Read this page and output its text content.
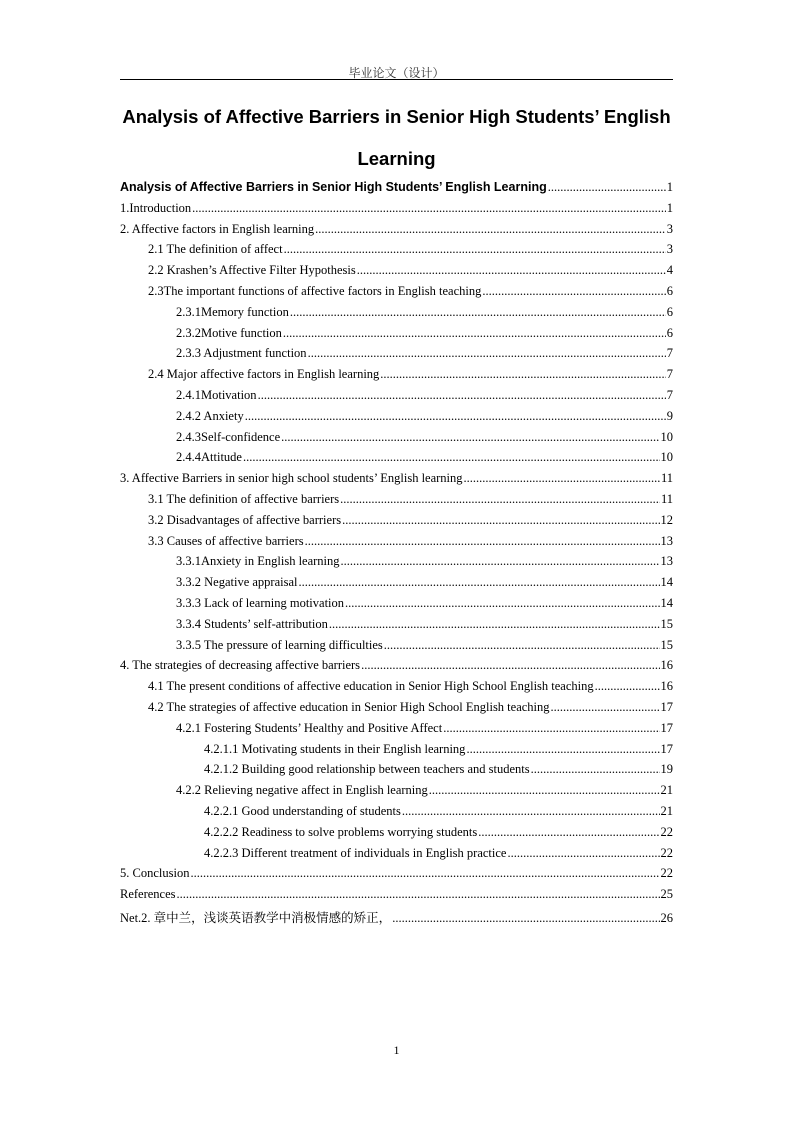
毕业论文（设计）
Analysis of Affective Barriers in Senior High Students’ English
Learning
Analysis of Affective Barriers in Senior High Students’ English Learning .....	1
1.Introduction .....	1
2. Affective factors in English learning .....	3
2.1 The definition of affect .....	3
2.2 Krashen’s Affective Filter Hypothesis .....	4
2.3The important functions of affective factors in English teaching .....	6
2.3.1Memory function .....	6
2.3.2Motive function .....	6
2.3.3 Adjustment function .....	7
2.4 Major affective factors in English learning .....	7
2.4.1Motivation .....	7
2.4.2 Anxiety .....	9
2.4.3Self-confidence .....	10
2.4.4Attitude .....	10
3. Affective Barriers in senior high school students’ English learning .....	11
3.1 The definition of affective barriers .....	11
3.2 Disadvantages of affective barriers .....	12
3.3 Causes of affective barriers .....	13
3.3.1Anxiety in English learning .....	13
3.3.2 Negative appraisal .....	14
3.3.3 Lack of learning motivation .....	14
3.3.4 Students’ self-attribution .....	15
3.3.5 The pressure of learning difficulties .....	15
4. The strategies of decreasing affective barriers .....	16
4.1 The present conditions of affective education in Senior High School English teaching .....	16
4.2 The strategies of affective education in Senior High School English teaching .....	17
4.2.1 Fostering Students’ Healthy and Positive Affect .....	17
4.2.1.1 Motivating students in their English learning .....	17
4.2.1.2 Building good relationship between teachers and students .....	19
4.2.2 Relieving negative affect in English learning .....	21
4.2.2.1 Good understanding of students .....	21
4.2.2.2 Readiness to solve problems worrying students .....	22
4.2.2.3 Different treatment of individuals in English practice .....	22
5. Conclusion .....	22
References .....	25
Net.2. 章中兰，浅谈英语教学中消极情感的矫正， .....	26
1
